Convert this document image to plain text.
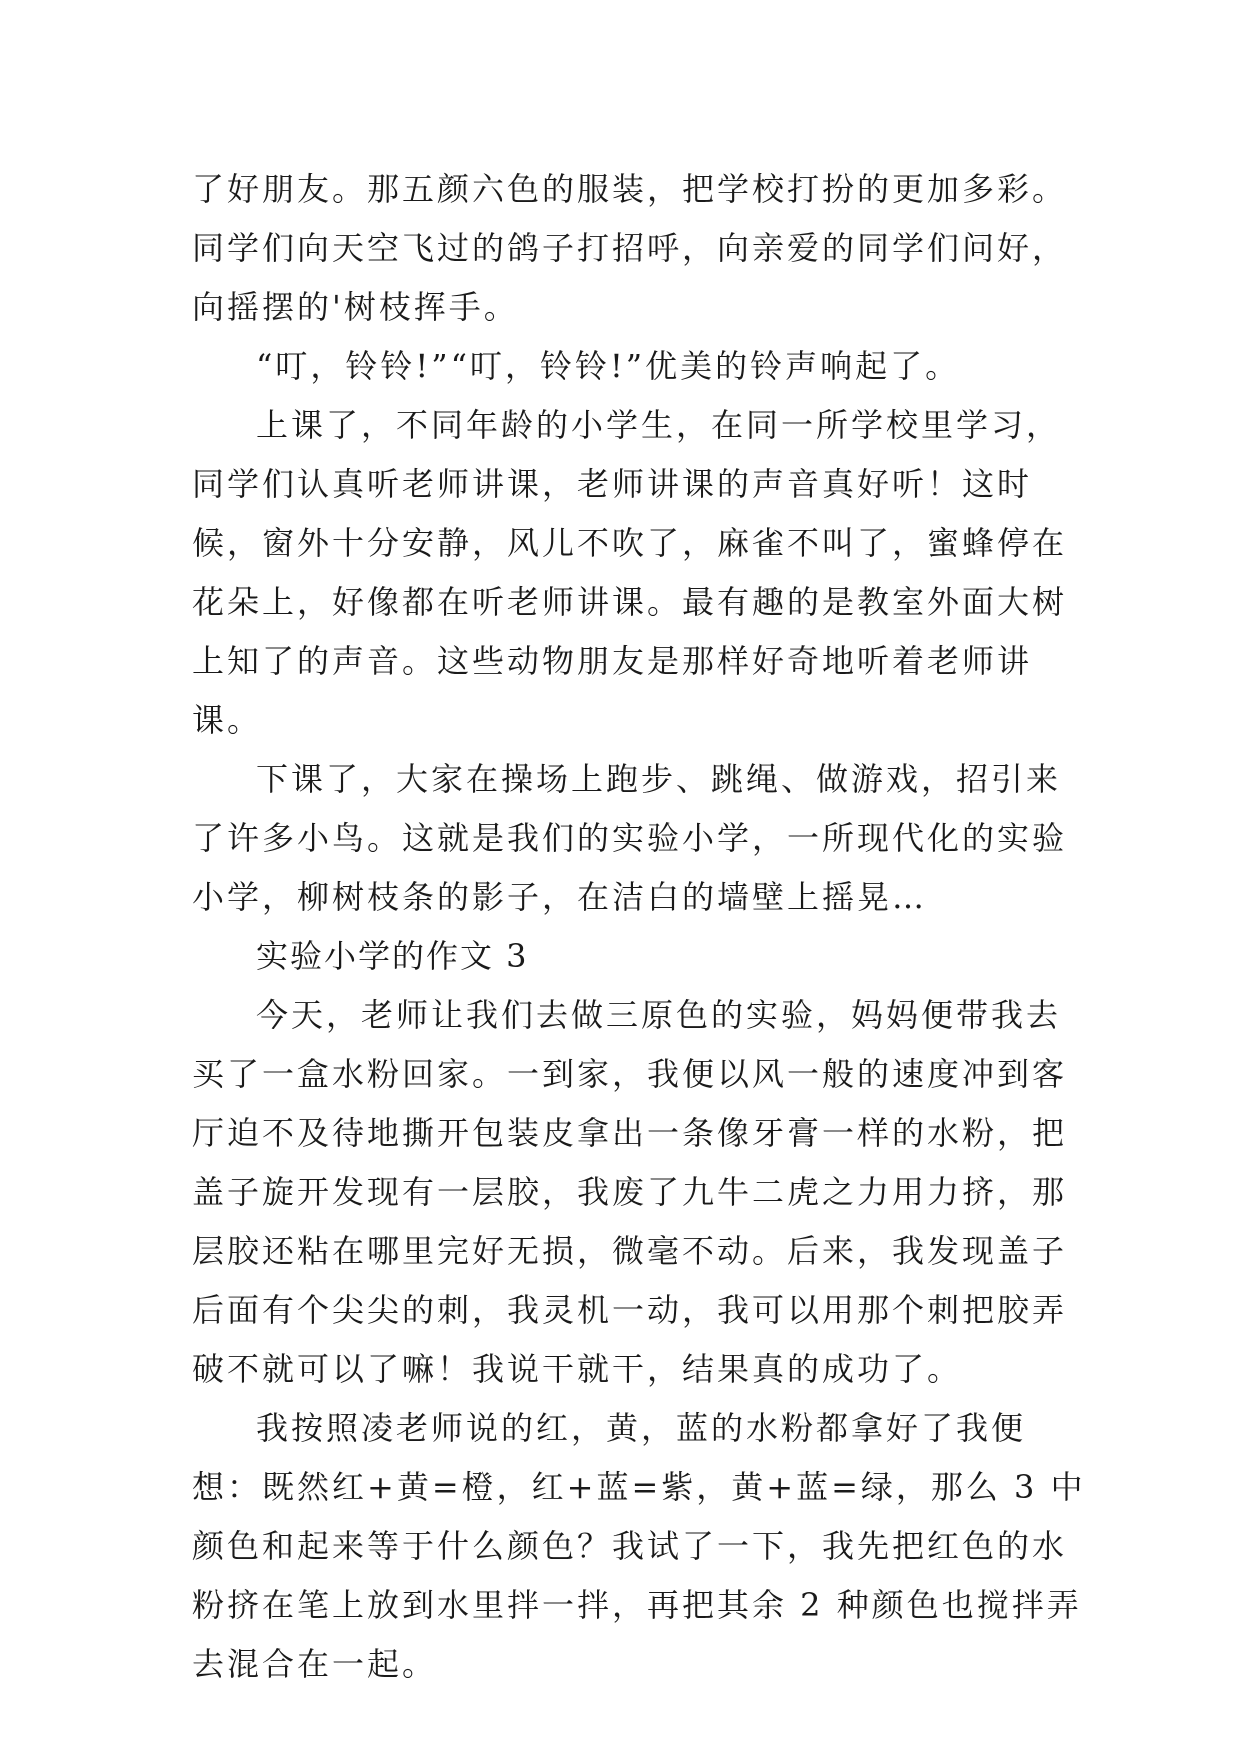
了好朋友。那五颜六色的服装，把学校打扮的更加多彩。同学们向天空飞过的鸽子打招呼，向亲爱的同学们问好，向摇摆的'树枝挥手。

“叮，铃铃!”“叮，铃铃!”优美的铃声响起了。

上课了，不同年龄的小学生，在同一所学校里学习，同学们认真听老师讲课，老师讲课的声音真好听！这时候，窗外十分安静，风儿不吹了，麻雀不叫了，蜜蜂停在花朵上，好像都在听老师讲课。最有趣的是教室外面大树上知了的声音。这些动物朋友是那样好奇地听着老师讲课。

下课了，大家在操场上跑步、跳绳、做游戏，招引来了许多小鸟。这就是我们的实验小学，一所现代化的实验小学，柳树枝条的影子，在洁白的墙壁上摇晃…

实验小学的作文 3

今天，老师让我们去做三原色的实验，妈妈便带我去买了一盒水粉回家。一到家，我便以风一般的速度冲到客厅迫不及待地撕开包装皮拿出一条像牙膏一样的水粉，把盖子旋开发现有一层胶，我废了九牛二虎之力用力挤，那层胶还粘在哪里完好无损，微毫不动。后来，我发现盖子后面有个尖尖的刺，我灵机一动，我可以用那个刺把胶弄破不就可以了嘛！我说干就干，结果真的成功了。

我按照凌老师说的红，黄，蓝的水粉都拿好了我便想：既然红+黄=橙，红+蓝=紫，黄+蓝=绿，那么 3 中颜色和起来等于什么颜色？我试了一下，我先把红色的水粉挤在笔上放到水里拌一拌，再把其余 2 种颜色也搅拌弄去混合在一起。
